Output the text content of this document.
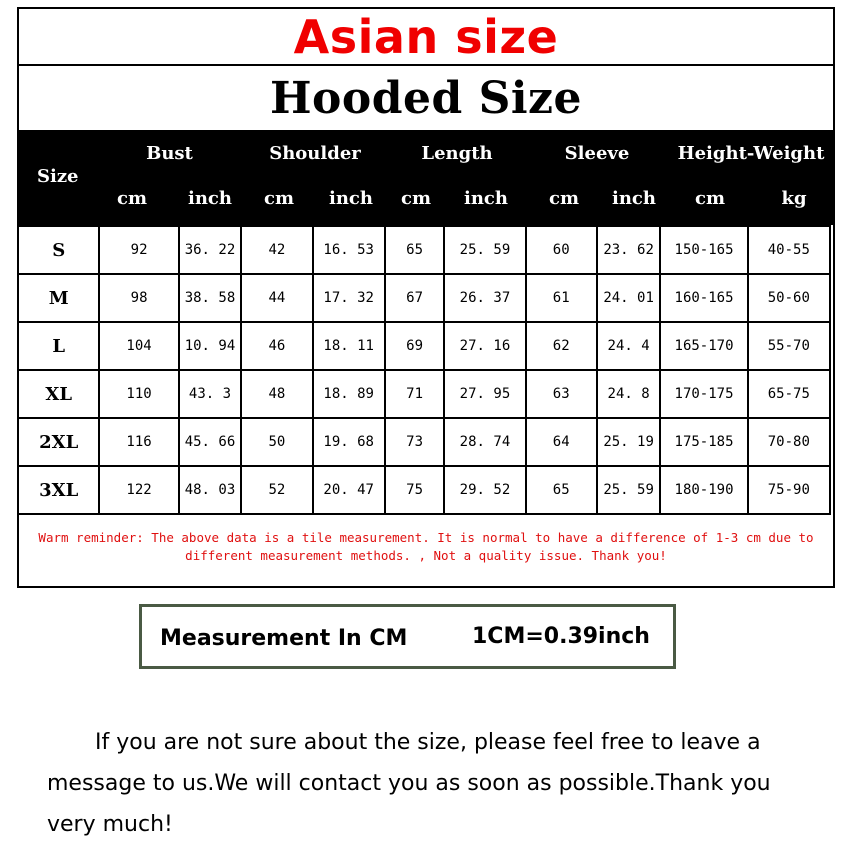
Asian size
Hooded Size
Size
Bust
cm	inch
Shoulder
cm	inch
Length
cm	inch
Sleeve
cm	inch
Height-Weight
cm	kg
S	92	36. 22	42	16. 53	65	25. 59	60	23. 62	150-165	40-55
M	98	38. 58	44	17. 32	67	26. 37	61	24. 01	160-165	50-60
L	104	10. 94	46	18. 11	69	27. 16	62	24. 4	165-170	55-70
XL	110	43. 3	48	18. 89	71	27. 95	63	24. 8	170-175	65-75
2XL	116	45. 66	50	19. 68	73	28. 74	64	25. 19	175-185	70-80
3XL	122	48. 03	52	20. 47	75	29. 52	65	25. 59	180-190	75-90
Warm reminder: The above data is a tile measurement. It is normal to have a difference of 1-3 cm due to different measurement methods. , Not a quality issue. Thank you!
Measurement In CM	1CM=0.39inch
If you are not sure about the size, please feel free to leave a message to us.We will contact you as soon as possible.Thank you very much!
